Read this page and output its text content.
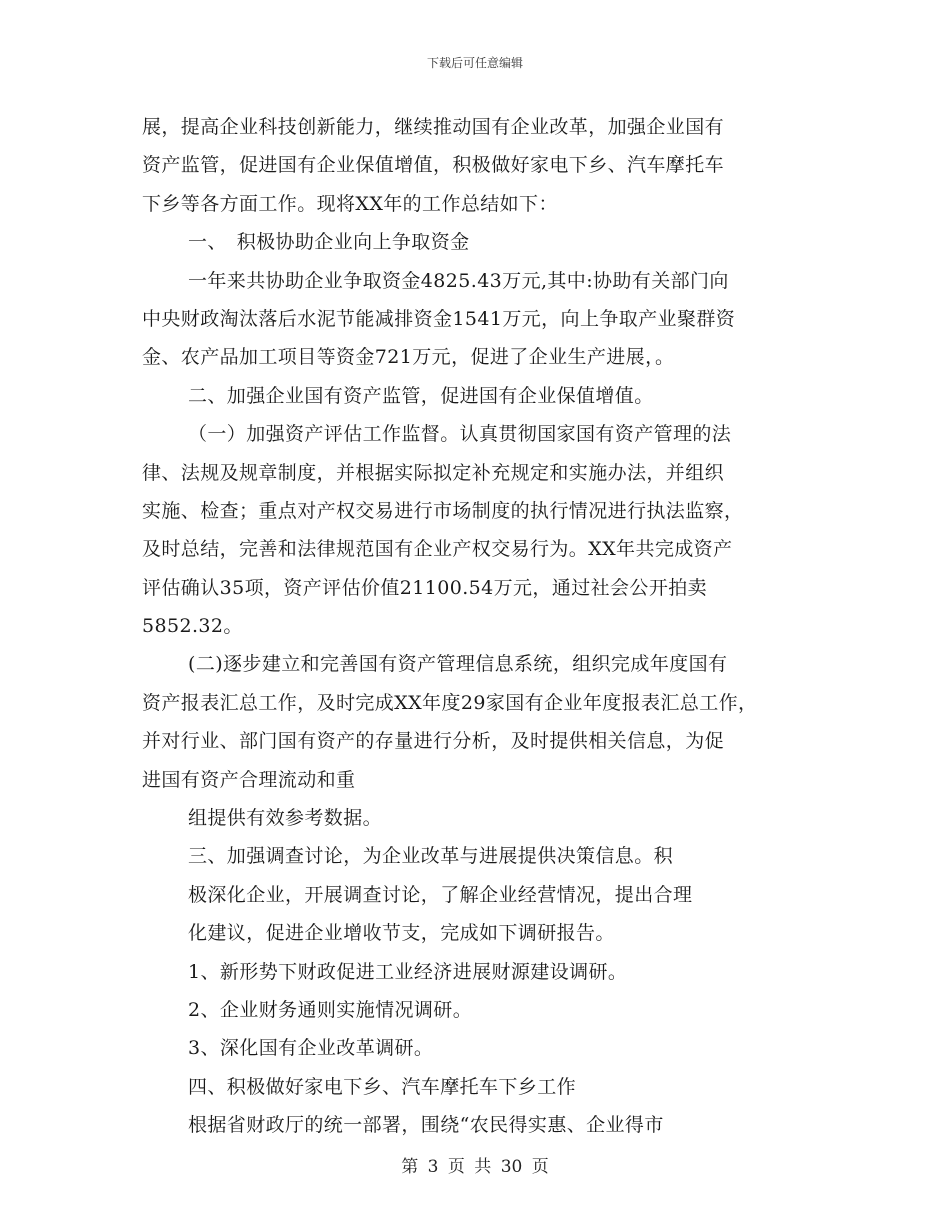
下载后可任意编辑
展，提高企业科技创新能力，继续推动国有企业改革，加强企业国有
资产监管，促进国有企业保值增值，积极做好家电下乡、汽车摩托车
下乡等各方面工作。现将XX年的工作总结如下：
一、　积极协助企业向上争取资金
一年来共协助企业争取资金4825.43万元,其中:协助有关部门向
中央财政淘汰落后水泥节能减排资金1541万元，向上争取产业聚群资
金、农产品加工项目等资金721万元，促进了企业生产进展，。
二、加强企业国有资产监管，促进国有企业保值增值。
（一）加强资产评估工作监督。认真贯彻国家国有资产管理的法
律、法规及规章制度，并根据实际拟定补充规定和实施办法，并组织
实施、检查；重点对产权交易进行市场制度的执行情况进行执法监察，
及时总结，完善和法律规范国有企业产权交易行为。XX年共完成资产
评估确认35项，资产评估价值21100.54万元，通过社会公开拍卖
5852.32。
(二)逐步建立和完善国有资产管理信息系统，组织完成年度国有
资产报表汇总工作，及时完成XX年度29家国有企业年度报表汇总工作，
并对行业、部门国有资产的存量进行分析，及时提供相关信息，为促
进国有资产合理流动和重
组提供有效参考数据。
三、加强调查讨论，为企业改革与进展提供决策信息。积
极深化企业，开展调查讨论，了解企业经营情况，提出合理
化建议，促进企业增收节支，完成如下调研报告。
1、新形势下财政促进工业经济进展财源建设调研。
2、企业财务通则实施情况调研。
3、深化国有企业改革调研。
四、积极做好家电下乡、汽车摩托车下乡工作
根据省财政厅的统一部署，围绕“农民得实惠、企业得市
第 3 页 共 30 页
